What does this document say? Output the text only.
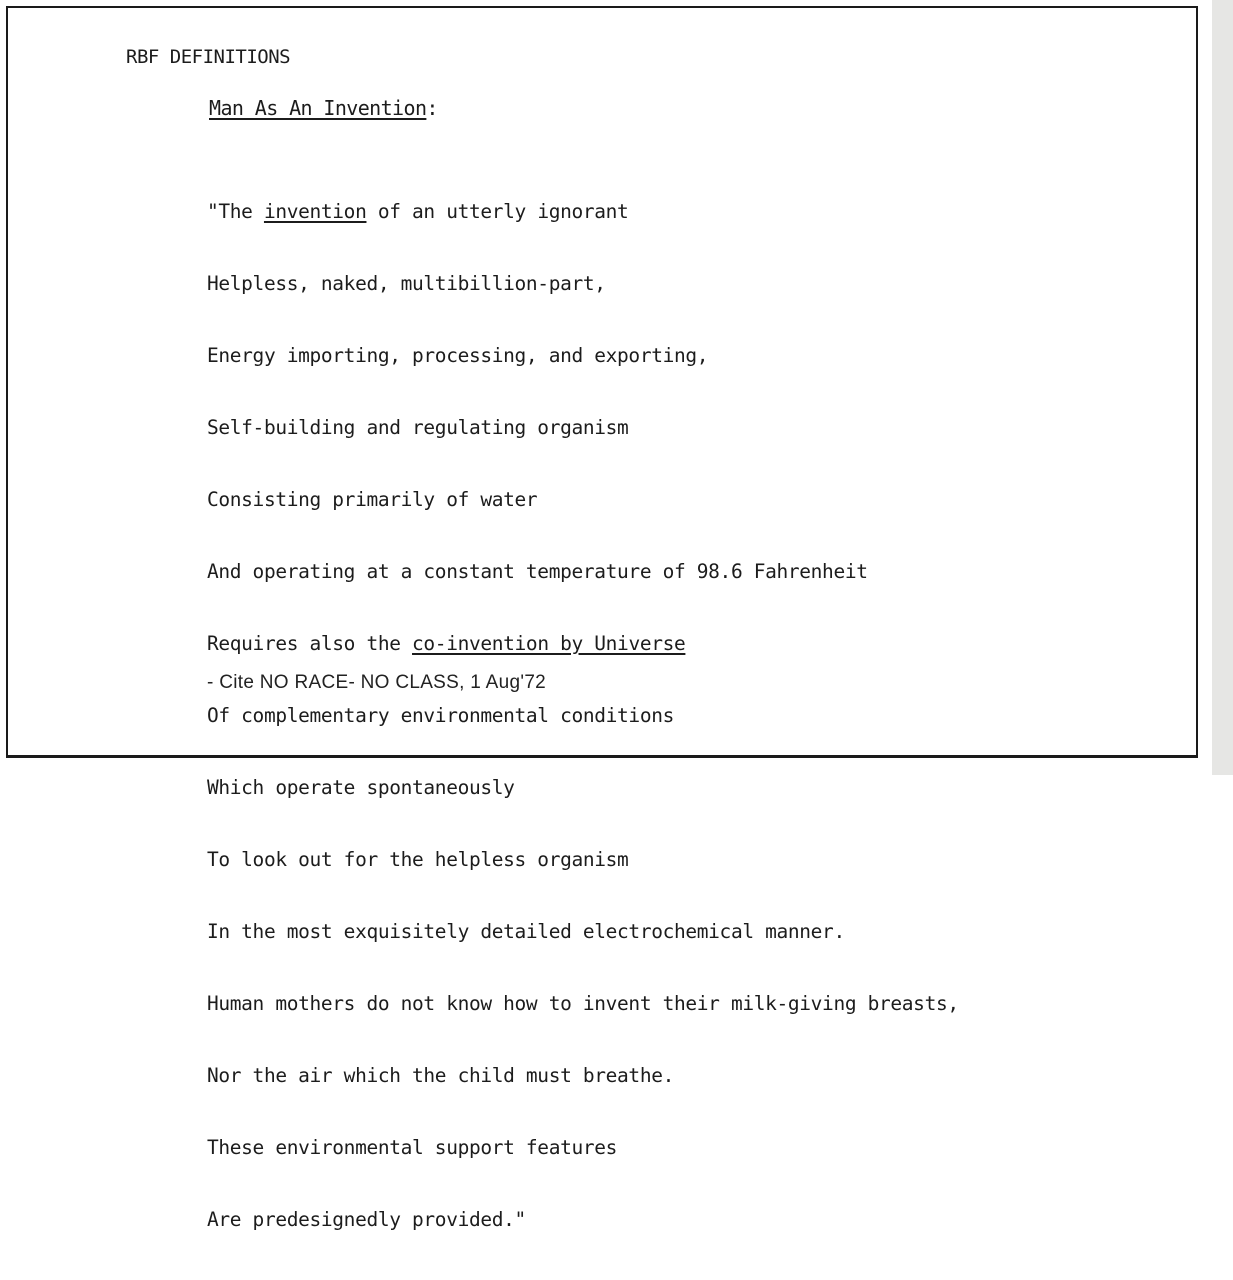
RBF DEFINITIONS

Man As An Invention:

"The invention of an utterly ignorant

Helpless, naked, multibillion-part,

Energy importing, processing, and exporting,

Self-building and regulating organism

Consisting primarily of water

And operating at a constant temperature of 98.6 Fahrenheit

Requires also the co-invention by Universe

Of complementary environmental conditions

Which operate spontaneously

To look out for the helpless organism

In the most exquisitely detailed electrochemical manner.

Human mothers do not know how to invent their milk-giving breasts,

Nor the air which the child must breathe.

These environmental support features

Are predesignedly provided."

- Cite NO RACE- NO CLASS, 1 Aug'72
